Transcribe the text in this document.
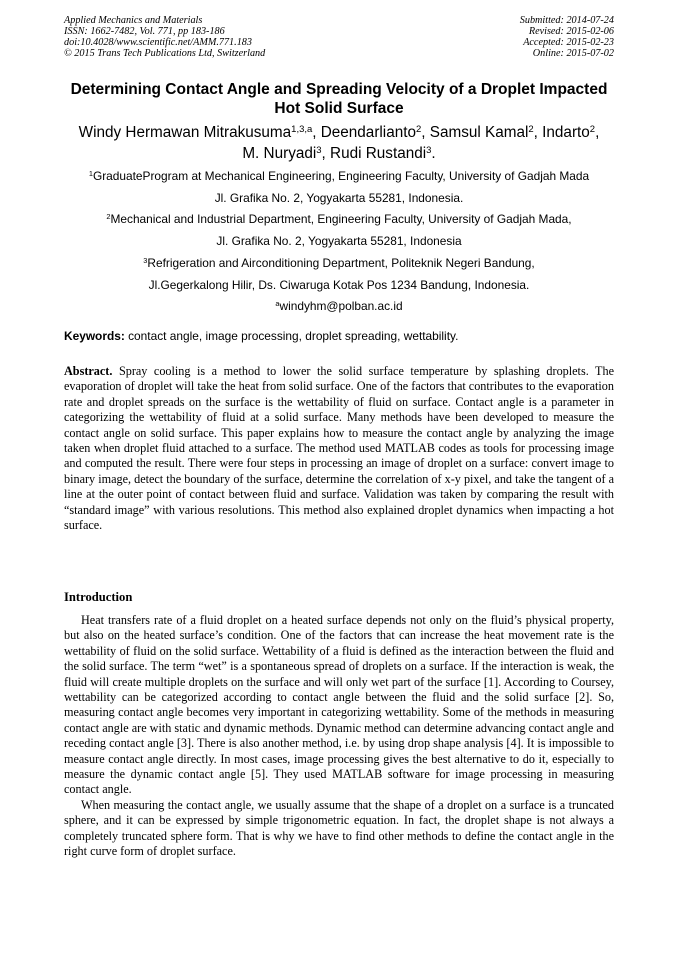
Applied Mechanics and Materials
ISSN: 1662-7482, Vol. 771, pp 183-186
doi:10.4028/www.scientific.net/AMM.771.183
© 2015 Trans Tech Publications Ltd, Switzerland
Submitted: 2014-07-24
Revised: 2015-02-06
Accepted: 2015-02-23
Online: 2015-07-02
Determining Contact Angle and Spreading Velocity of a Droplet Impacted Hot Solid Surface
Windy Hermawan Mitrakusuma$^{1,3,a}$, Deendarlianto$^2$, Samsul Kamal$^2$, Indarto$^2$,
M. Nuryadi$^3$, Rudi Rustandi$^3$.
$^1$GraduateProgram at Mechanical Engineering, Engineering Faculty, University of Gadjah Mada
Jl. Grafika No. 2, Yogyakarta 55281, Indonesia.
$^2$Mechanical and Industrial Department, Engineering Faculty, University of Gadjah Mada,
Jl. Grafika No. 2, Yogyakarta 55281, Indonesia
$^3$Refrigeration and Airconditioning Department, Politeknik Negeri Bandung,
Jl.Gegerkalong Hilir, Ds. Ciwaruga Kotak Pos 1234 Bandung, Indonesia.
$^a$windyhm@polban.ac.id
Keywords: contact angle, image processing, droplet spreading, wettability.
Abstract. Spray cooling is a method to lower the solid surface temperature by splashing droplets. The evaporation of droplet will take the heat from solid surface. One of the factors that contributes to the evaporation rate and droplet spreads on the surface is the wettability of fluid on surface. Contact angle is a parameter in categorizing the wettability of fluid at a solid surface. Many methods have been developed to measure the contact angle on solid surface. This paper explains how to measure the contact angle by analyzing the image taken when droplet fluid attached to a surface. The method used MATLAB codes as tools for processing image and computed the result. There were four steps in processing an image of droplet on a surface: convert image to binary image, detect the boundary of the surface, determine the correlation of x-y pixel, and take the tangent of a line at the outer point of contact between fluid and surface. Validation was taken by comparing the result with “standard image” with various resolutions. This method also explained droplet dynamics when impacting a hot surface.
Introduction

Heat transfers rate of a fluid droplet on a heated surface depends not only on the fluid’s physical property, but also on the heated surface’s condition. One of the factors that can increase the heat movement rate is the wettability of fluid on the solid surface. Wettability of a fluid is defined as the interaction between the fluid and the solid surface. The term “wet” is a spontaneous spread of droplets on a surface. If the interaction is weak, the fluid will create multiple droplets on the surface and will only wet part of the surface [1]. According to Coursey, wettability can be categorized according to contact angle between the fluid and the solid surface [2]. So, measuring contact angle becomes very important in categorizing wettability. Some of the methods in measuring contact angle are with static and dynamic methods. Dynamic method can determine advancing contact angle and receding contact angle [3]. There is also another method, i.e. by using drop shape analysis [4]. It is impossible to measure contact angle directly. In most cases, image processing gives the best alternative to do it, especially to measure the dynamic contact angle [5]. They used MATLAB software for image processing in measuring contact angle.

When measuring the contact angle, we usually assume that the shape of a droplet on a surface is a truncated sphere, and it can be expressed by simple trigonometric equation. In fact, the droplet shape is not always a completely truncated sphere form. That is why we have to find other methods to define the contact angle in the right curve form of droplet surface.
